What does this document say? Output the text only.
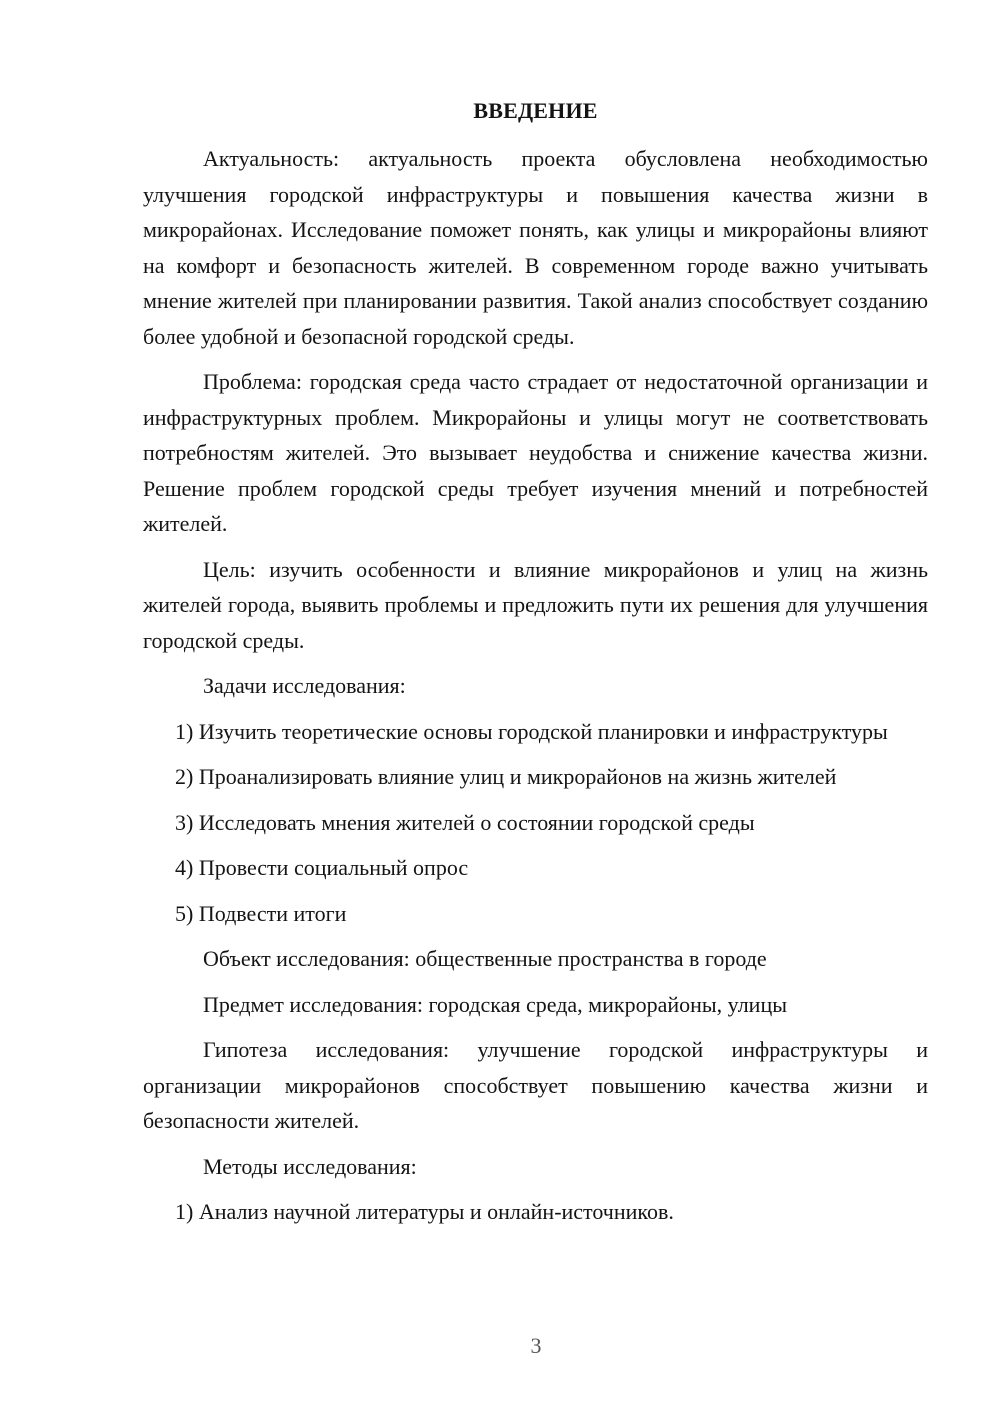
ВВЕДЕНИЕ

Актуальность: актуальность проекта обусловлена необходимостью улучшения городской инфраструктуры и повышения качества жизни в микрорайонах. Исследование поможет понять, как улицы и микрорайоны влияют на комфорт и безопасность жителей. В современном городе важно учитывать мнение жителей при планировании развития. Такой анализ способствует созданию более удобной и безопасной городской среды.

Проблема: городская среда часто страдает от недостаточной организации и инфраструктурных проблем. Микрорайоны и улицы могут не соответствовать потребностям жителей. Это вызывает неудобства и снижение качества жизни. Решение проблем городской среды требует изучения мнений и потребностей жителей.

Цель: изучить особенности и влияние микрорайонов и улиц на жизнь жителей города, выявить проблемы и предложить пути их решения для улучшения городской среды.

Задачи исследования:

1) Изучить теоретические основы городской планировки и инфраструктуры

2) Проанализировать влияние улиц и микрорайонов на жизнь жителей

3) Исследовать мнения жителей о состоянии городской среды

4) Провести социальный опрос

5) Подвести итоги

Объект исследования: общественные пространства в городе

Предмет исследования: городская среда, микрорайоны, улицы

Гипотеза исследования: улучшение городской инфраструктуры и организации микрорайонов способствует повышению качества жизни и безопасности жителей.

Методы исследования:

1) Анализ научной литературы и онлайн-источников.

3
